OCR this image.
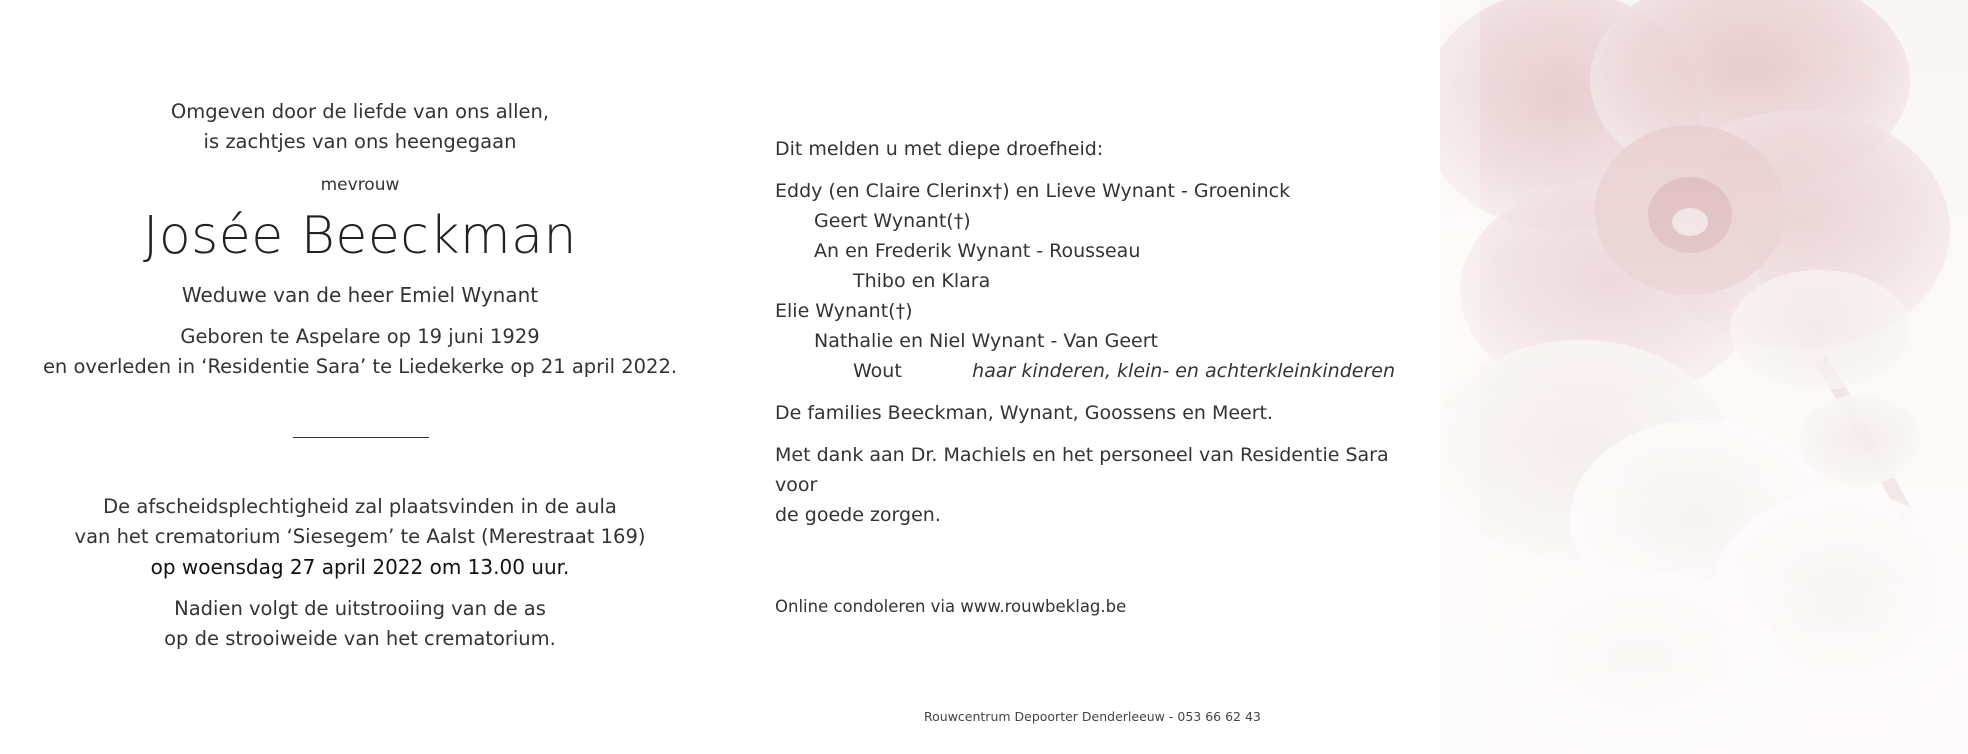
Omgeven door de liefde van ons allen,
is zachtjes van ons heengegaan
mevrouw
Josée Beeckman
Weduwe van de heer Emiel Wynant
Geboren te Aspelare op 19 juni 1929
en overleden in ‘Residentie Sara’ te Liedekerke op 21 april 2022.
De afscheidsplechtigheid zal plaatsvinden in de aula
van het crematorium ‘Siesegem’ te Aalst (Merestraat 169)
op woensdag 27 april 2022 om 13.00 uur.
Nadien volgt de uitstrooiing van de as
op de strooiweide van het crematorium.
Dit melden u met diepe droefheid:
Eddy (en Claire Clerinx†) en Lieve Wynant - Groeninck
Geert Wynant(†)
An en Frederik Wynant - Rousseau
Thibo en Klara
Elie Wynant(†)
Nathalie en Niel Wynant - Van Geert
Wout	haar kinderen, klein- en achterkleinkinderen
De families Beeckman, Wynant, Goossens en Meert.
Met dank aan Dr. Machiels en het personeel van Residentie Sara voor
de goede zorgen.
Online condoleren via www.rouwbeklag.be
Rouwcentrum Depoorter Denderleeuw - 053 66 62 43
